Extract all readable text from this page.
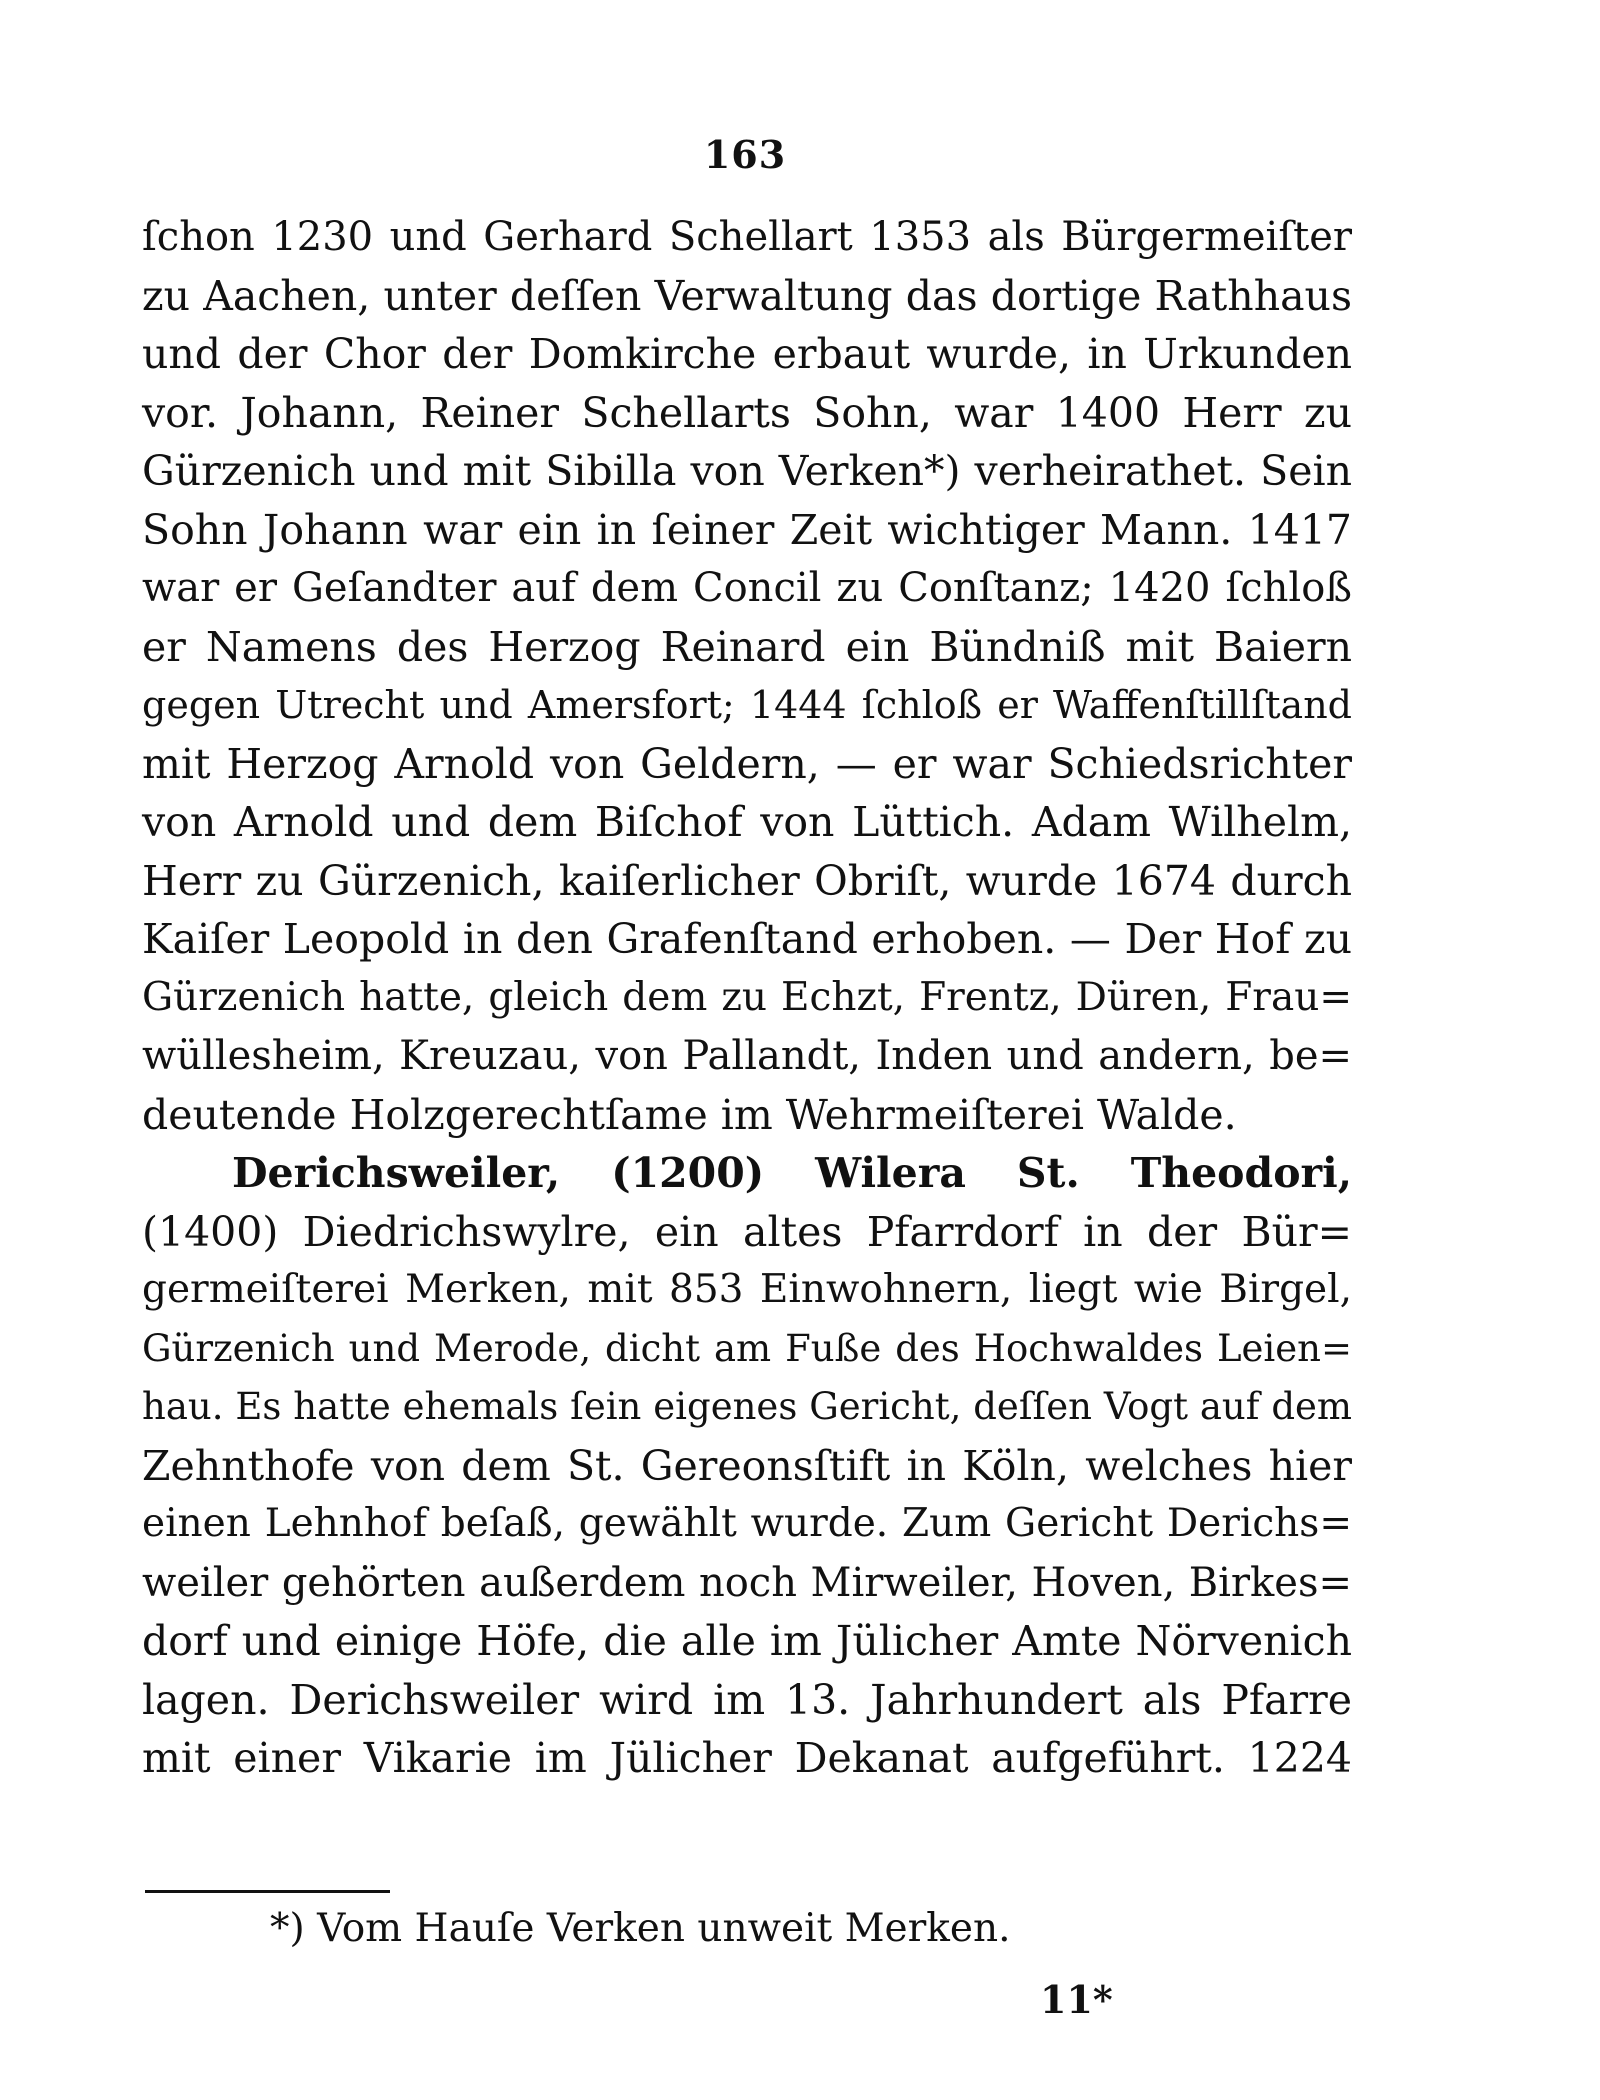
163
ſchon 1230 und Gerhard Schellart 1353 als Bürgermeiſter
zu Aachen, unter deſſen Verwaltung das dortige Rathhaus
und der Chor der Domkirche erbaut wurde, in Urkunden
vor. Johann, Reiner Schellarts Sohn, war 1400 Herr zu
Gürzenich und mit Sibilla von Verken*) verheirathet. Sein
Sohn Johann war ein in ſeiner Zeit wichtiger Mann. 1417
war er Geſandter auf dem Concil zu Conſtanz; 1420 ſchloß
er Namens des Herzog Reinard ein Bündniß mit Baiern
gegen Utrecht und Amersfort; 1444 ſchloß er Waffenſtillſtand
mit Herzog Arnold von Geldern, — er war Schiedsrichter
von Arnold und dem Biſchof von Lüttich. Adam Wilhelm,
Herr zu Gürzenich, kaiſerlicher Obriſt, wurde 1674 durch
Kaiſer Leopold in den Grafenſtand erhoben. — Der Hof zu
Gürzenich hatte, gleich dem zu Echzt, Frentz, Düren, Frau=
wüllesheim, Kreuzau, von Pallandt, Inden und andern, be=
deutende Holzgerechtſame im Wehrmeiſterei Walde.
Derichsweiler, (1200) Wilera St. Theodori,
(1400) Diedrichswylre, ein altes Pfarrdorf in der Bür=
germeiſterei Merken, mit 853 Einwohnern, liegt wie Birgel,
Gürzenich und Merode, dicht am Fuße des Hochwaldes Leien=
hau. Es hatte ehemals ſein eigenes Gericht, deſſen Vogt auf dem
Zehnthofe von dem St. Gereonsſtift in Köln, welches hier
einen Lehnhof beſaß, gewählt wurde. Zum Gericht Derichs=
weiler gehörten außerdem noch Mirweiler, Hoven, Birkes=
dorf und einige Höfe, die alle im Jülicher Amte Nörvenich
lagen. Derichsweiler wird im 13. Jahrhundert als Pfarre
mit einer Vikarie im Jülicher Dekanat aufgeführt. 1224
*) Vom Hauſe Verken unweit Merken.
11*
